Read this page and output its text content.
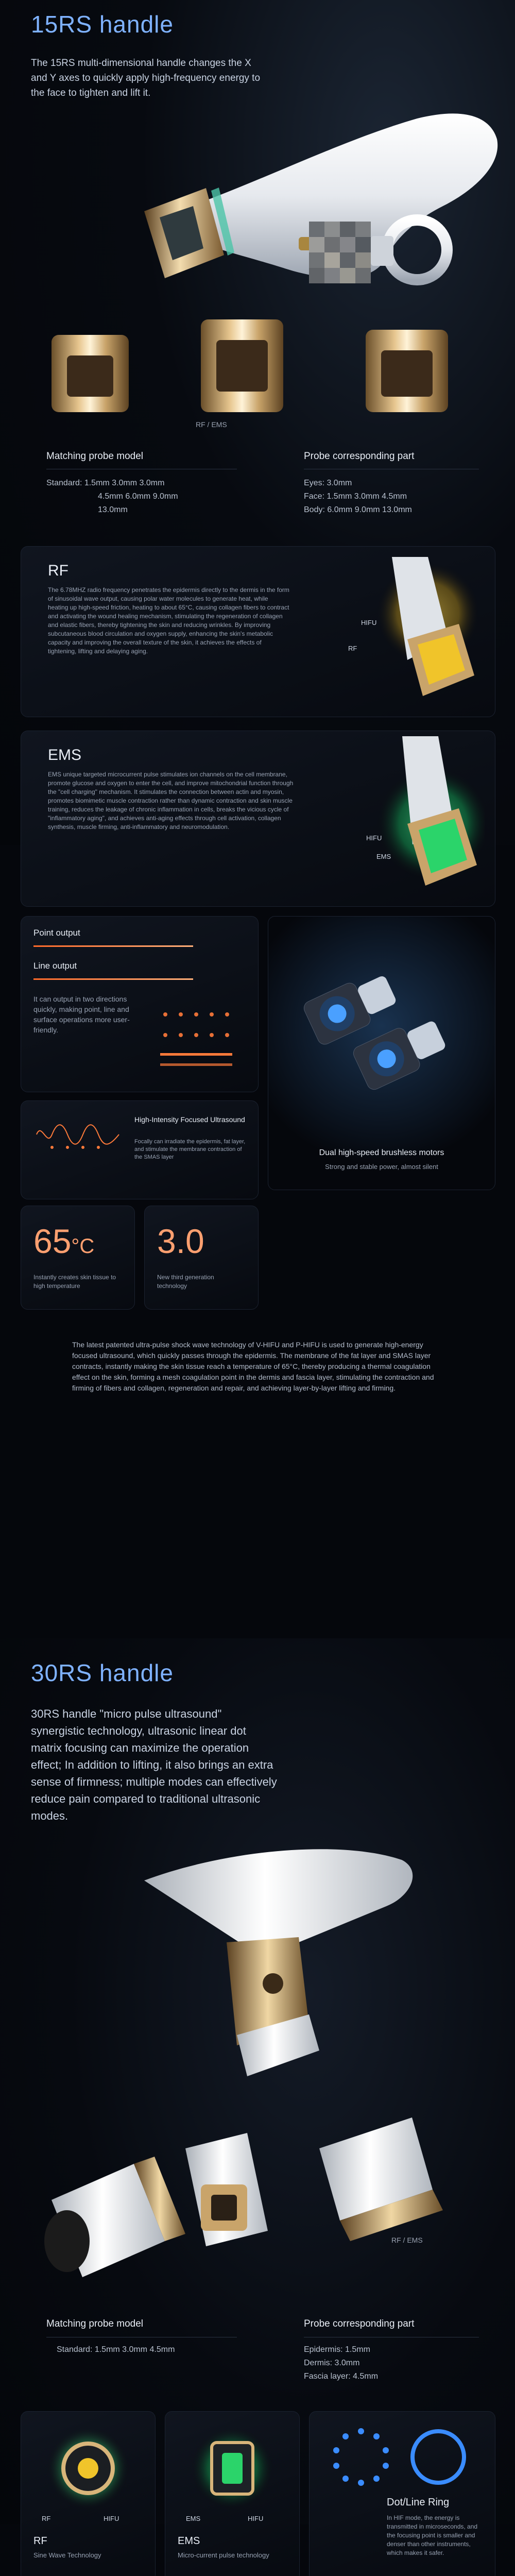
15RS handle
The 15RS multi-dimensional handle changes the X and Y axes to quickly apply high-frequency energy to the face to tighten and lift it.
RF / EMS
Matching probe model
Standard: 1.5mm 3.0mm 3.0mm
4.5mm 6.0mm 9.0mm
13.0mm
Probe corresponding part
Eyes: 3.0mm
Face: 1.5mm 3.0mm 4.5mm
Body: 6.0mm 9.0mm 13.0mm
RF
The 6.78MHZ radio frequency penetrates the epidermis directly to the dermis in the form of sinusoidal wave output, causing polar water molecules to generate heat, while heating up high-speed friction, heating to about 65°C, causing collagen fibers to contract and activating the wound healing mechanism, stimulating the regeneration of collagen and elastic fibers, thereby tightening the skin and reducing wrinkles. By improving subcutaneous blood circulation and oxygen supply, enhancing the skin's metabolic capacity and improving the overall texture of the skin, it achieves the effects of tightening, lifting and delaying aging.
HIFU
RF
EMS
EMS unique targeted microcurrent pulse stimulates ion channels on the cell membrane, promote glucose and oxygen to enter the cell, and improve mitochondrial function through the "cell charging" mechanism. It stimulates the connection between actin and myosin, promotes biomimetic muscle contraction rather than dynamic contraction and skin muscle training, reduces the leakage of chronic inflammation in cells, breaks the vicious cycle of "inflammatory aging", and achieves anti-aging effects through cell activation, collagen synthesis, muscle firming, anti-inflammatory and neuromodulation.
HIFU
EMS
Point output
Line output
It can output in two directions quickly, making point, line and surface operations more user-friendly.
Dual high-speed brushless motors
Strong and stable power, almost silent
High-Intensity Focused Ultrasound
Focally can irradiate the epidermis, fat layer, and stimulate the membrane contraction of the SMAS layer
65°C
Instantly creates skin tissue to high temperature
3.0
New third generation technology
The latest patented ultra-pulse shock wave technology of V-HIFU and P-HIFU is used to generate high-energy focused ultrasound, which quickly passes through the epidermis. The membrane of the fat layer and SMAS layer contracts, instantly making the skin tissue reach a temperature of 65°C, thereby producing a thermal coagulation effect on the skin, forming a mesh coagulation point in the dermis and fascia layer, stimulating the contraction and firming of fibers and collagen, regeneration and repair, and achieving layer-by-layer lifting and firming.
30RS handle
30RS handle "micro pulse ultrasound" synergistic technology, ultrasonic linear dot matrix focusing can maximize the operation effect; In addition to lifting, it also brings an extra sense of firmness; multiple modes can effectively reduce pain compared to traditional ultrasonic modes.
RF / EMS
Matching probe model
Standard: 1.5mm 3.0mm 4.5mm
Probe corresponding part
Epidermis: 1.5mm
Dermis: 3.0mm
Fascia layer: 4.5mm
RF	HIFU
RF
Sine Wave Technology
EMS	HIFU
EMS
Micro-current pulse technology
Dot/Line Ring
In HIF mode, the energy is transmitted in microseconds, and the focusing point is smaller and denser than other instruments, which makes it safer.
